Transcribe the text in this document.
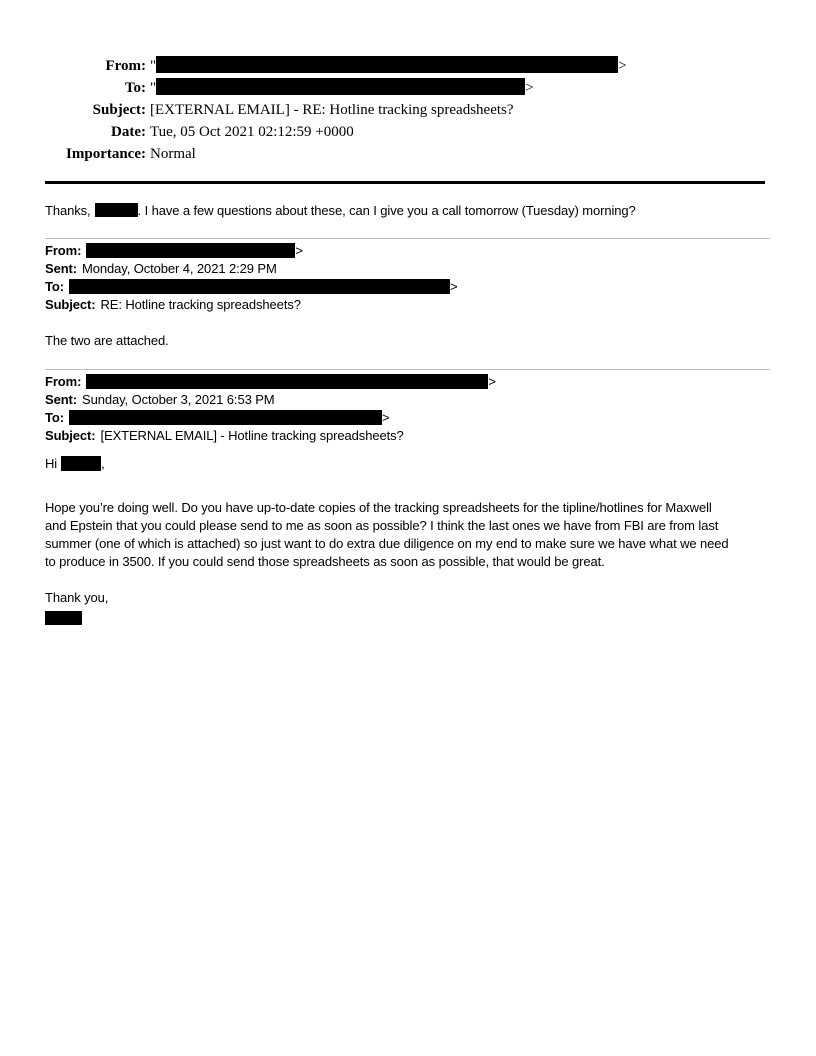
From: "	>
To: "	>
Subject: [EXTERNAL EMAIL] - RE: Hotline tracking spreadsheets?
Date: Tue, 05 Oct 2021 02:12:59 +0000
Importance: Normal
Thanks,	. I have a few questions about these, can I give you a call tomorrow (Tuesday) morning?
From:	>
Sent: Monday, October 4, 2021 2:29 PM
To:	>
Subject: RE: Hotline tracking spreadsheets?
The two are attached.
From:	>
Sent: Sunday, October 3, 2021 6:53 PM
To:	>
Subject: [EXTERNAL EMAIL] - Hotline tracking spreadsheets?
Hi	,
Hope you’re doing well. Do you have up-to-date copies of the tracking spreadsheets for the tipline/hotlines for Maxwell
and Epstein that you could please send to me as soon as possible? I think the last ones we have from FBI are from last
summer (one of which is attached) so just want to do extra due diligence on my end to make sure we have what we need
to produce in 3500. If you could send those spreadsheets as soon as possible, that would be great.
Thank you,
